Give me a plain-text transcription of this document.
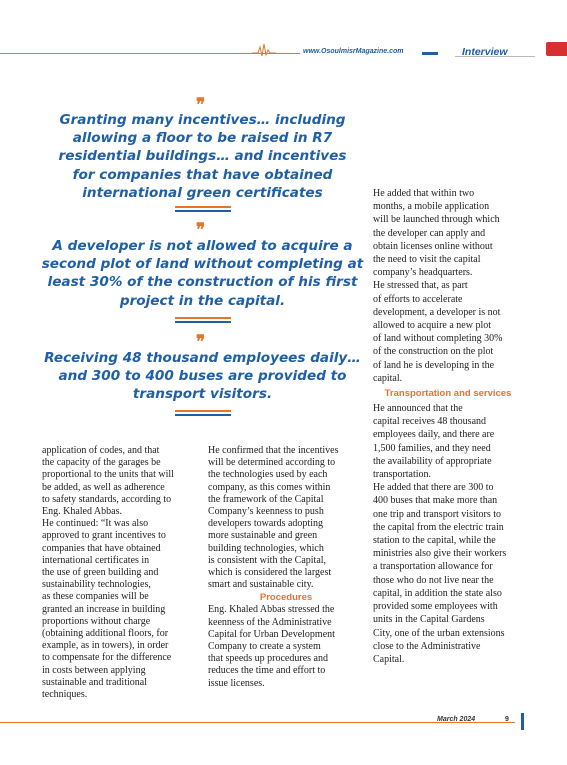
www.OsoulmisrMagazine.com	Interview
❞
Granting many incentives… including
allowing a floor to be raised in R7
residential buildings… and incentives
for companies that have obtained
international green certificates
❞
A developer is not allowed to acquire a
second plot of land without completing at
least 30% of the construction of his first
project in the capital.
❞
Receiving 48 thousand employees daily…
and 300 to 400 buses are provided to
transport visitors.

application of codes, and that

the capacity of the garages be

proportional to the units that will

be added, as well as adherence

to safety standards, according to

Eng. Khaled Abbas.

He continued: “It was also

approved to grant incentives to

companies that have obtained

international certificates in

the use of green building and

sustainability technologies,

as these companies will be

granted an increase in building

proportions without charge

(obtaining additional floors, for

example, as in towers), in order

to compensate for the difference

in costs between applying

sustainable and traditional

techniques.

He confirmed that the incentives

will be determined according to

the technologies used by each

company, as this comes within

the framework of the Capital

Company’s keenness to push

developers towards adopting

more sustainable and green

building technologies, which

is consistent with the Capital,

which is considered the largest

smart and sustainable city.

Procedures

Eng. Khaled Abbas stressed the

keenness of the Administrative

Capital for Urban Development

Company to create a system

that speeds up procedures and

reduces the time and effort to

issue licenses.

He added that within two

months, a mobile application

will be launched through which

the developer can apply and

obtain licenses online without

the need to visit the capital

company’s headquarters.

He stressed that, as part

of efforts to accelerate

development, a developer is not

allowed to acquire a new plot

of land without completing 30%

of the construction on the plot

of land he is developing in the

capital.

Transportation and services

He announced that the

capital receives 48 thousand

employees daily, and there are

1,500 families, and they need

the availability of appropriate

transportation.

He added that there are 300 to

400 buses that make more than

one trip and transport visitors to

the capital from the electric train

station to the capital, while the

ministries also give their workers

a transportation allowance for

those who do not live near the

capital, in addition the state also

provided some employees with

units in the Capital Gardens

City, one of the urban extensions

close to the Administrative

Capital.

March 2024	9
